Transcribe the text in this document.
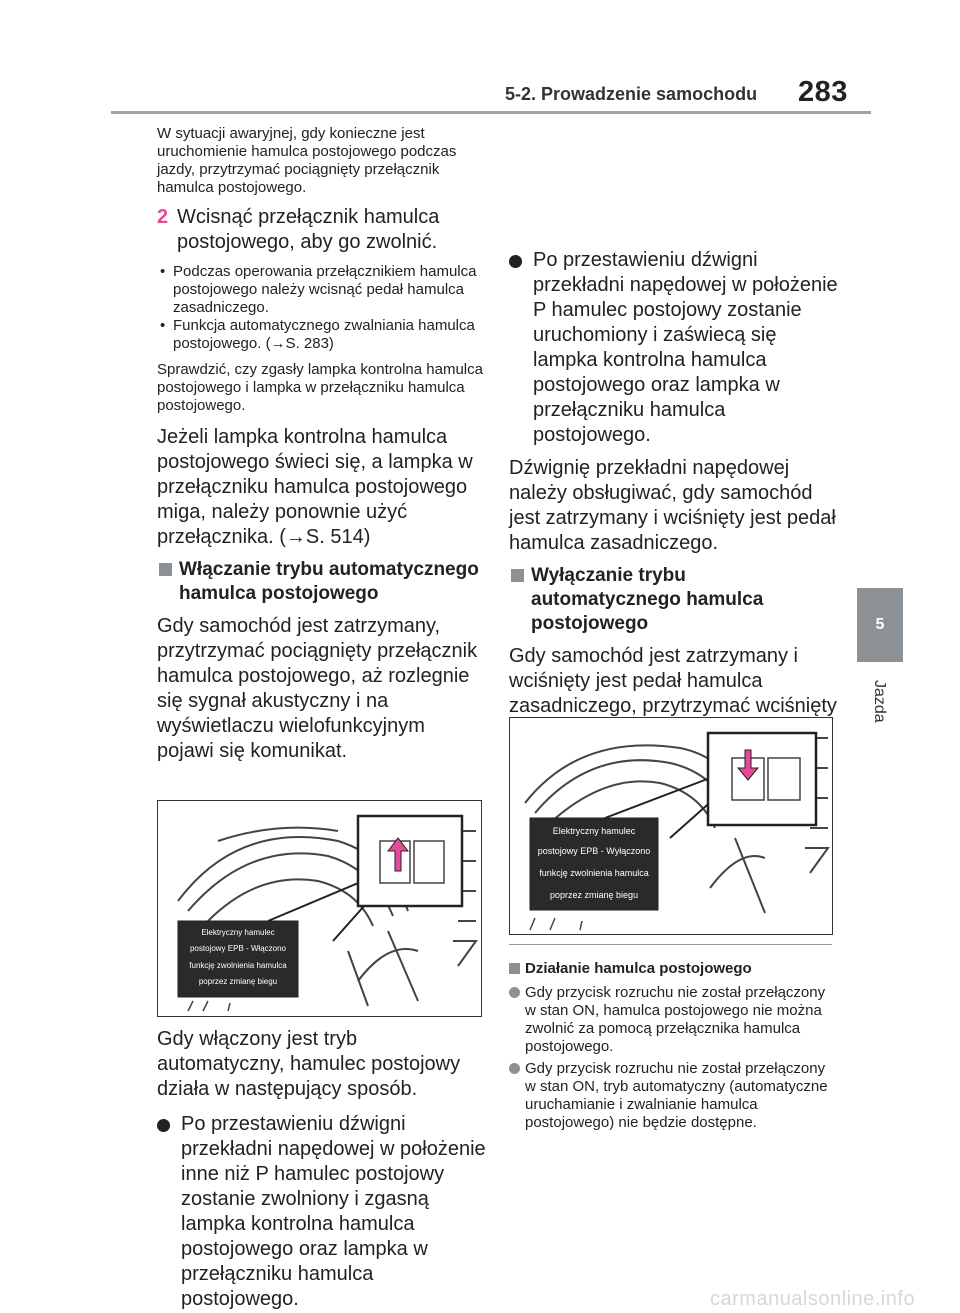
5-2. Prowadzenie samochodu 283
5
Jazda

W sytuacji awaryjnej, gdy konieczne jest uruchomienie hamulca postojowego podczas jazdy, przytrzymać pociągnięty przełącznik hamulca postojowego.

2 Wcisnąć przełącznik hamulca postojowego, aby go zwolnić.
• Podczas operowania przełącznikiem hamulca postojowego należy wcisnąć pedał hamulca zasadniczego.
• Funkcja automatycznego zwalniania hamulca postojowego. (→S. 283)

Sprawdzić, czy zgasły lampka kontrolna hamulca postojowego i lampka w przełączniku hamulca postojowego.

Jeżeli lampka kontrolna hamulca postojowego świeci się, a lampka w przełączniku hamulca postojowego miga, należy ponownie użyć przełącznika. (→S. 514)

Włączanie trybu automatycznego hamulca postojowego

Gdy samochód jest zatrzymany, przytrzymać pociągnięty przełącznik hamulca postojowego, aż rozlegnie się sygnał akustyczny i na wyświetlaczu wielofunkcyjnym pojawi się komunikat.

Elektryczny hamulec
postojowy EPB - Włączono
funkcję zwolnienia hamulca
poprzez zmianę biegu

Gdy włączony jest tryb automatyczny, hamulec postojowy działa w następujący sposób.

Po przestawieniu dźwigni przekładni napędowej w położenie inne niż P hamulec postojowy zostanie zwolniony i zgasną lampka kontrolna hamulca postojowego oraz lampka w przełączniku hamulca postojowego.
Po przestawieniu dźwigni przekładni napędowej w położenie P hamulec postojowy zostanie uruchomiony i zaświecą się lampka kontrolna hamulca postojowego oraz lampka w przełączniku hamulca postojowego.

Dźwignię przekładni napędowej należy obsługiwać, gdy samochód jest zatrzymany i wciśnięty jest pedał hamulca zasadniczego.

Wyłączanie trybu automatycznego hamulca postojowego

Gdy samochód jest zatrzymany i wciśnięty jest pedał hamulca zasadniczego, przytrzymać wciśnięty

Elektryczny hamulec
postojowy EPB - Wyłączono
funkcję zwolnienia hamulca
poprzez zmianę biegu
Działanie hamulca postojowego
Gdy przycisk rozruchu nie został przełączony w stan ON, hamulca postojowego nie można zwolnić za pomocą przełącznika hamulca postojowego.
Gdy przycisk rozruchu nie został przełączony w stan ON, tryb automatyczny (automatyczne uruchamianie i zwalnianie hamulca postojowego) nie będzie dostępne.
carmanualsonline.info
